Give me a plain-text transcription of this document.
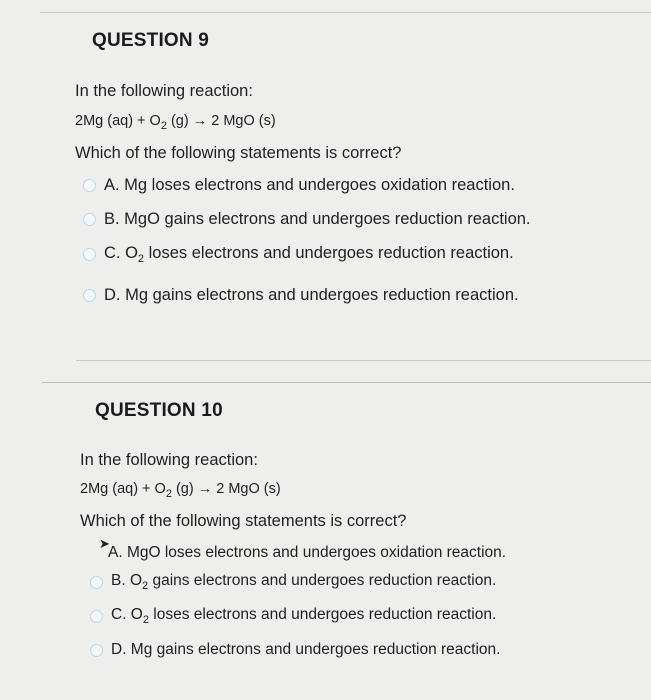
QUESTION 9
In the following reaction:
2Mg $(aq) + O_2$ (g) → 2 MgO (s)
Which of the following statements is correct?
A. Mg loses electrons and undergoes oxidation reaction.
B. MgO gains electrons and undergoes reduction reaction.
C. $O_2$ loses electrons and undergoes reduction reaction.
D. Mg gains electrons and undergoes reduction reaction.
QUESTION 10
In the following reaction:
2Mg $(aq) + O_2$ (g) → 2 MgO (s)
Which of the following statements is correct?
➤
A. MgO loses electrons and undergoes oxidation reaction.
B. $O_2$ gains electrons and undergoes reduction reaction.
C. $O_2$ loses electrons and undergoes reduction reaction.
D. Mg gains electrons and undergoes reduction reaction.
